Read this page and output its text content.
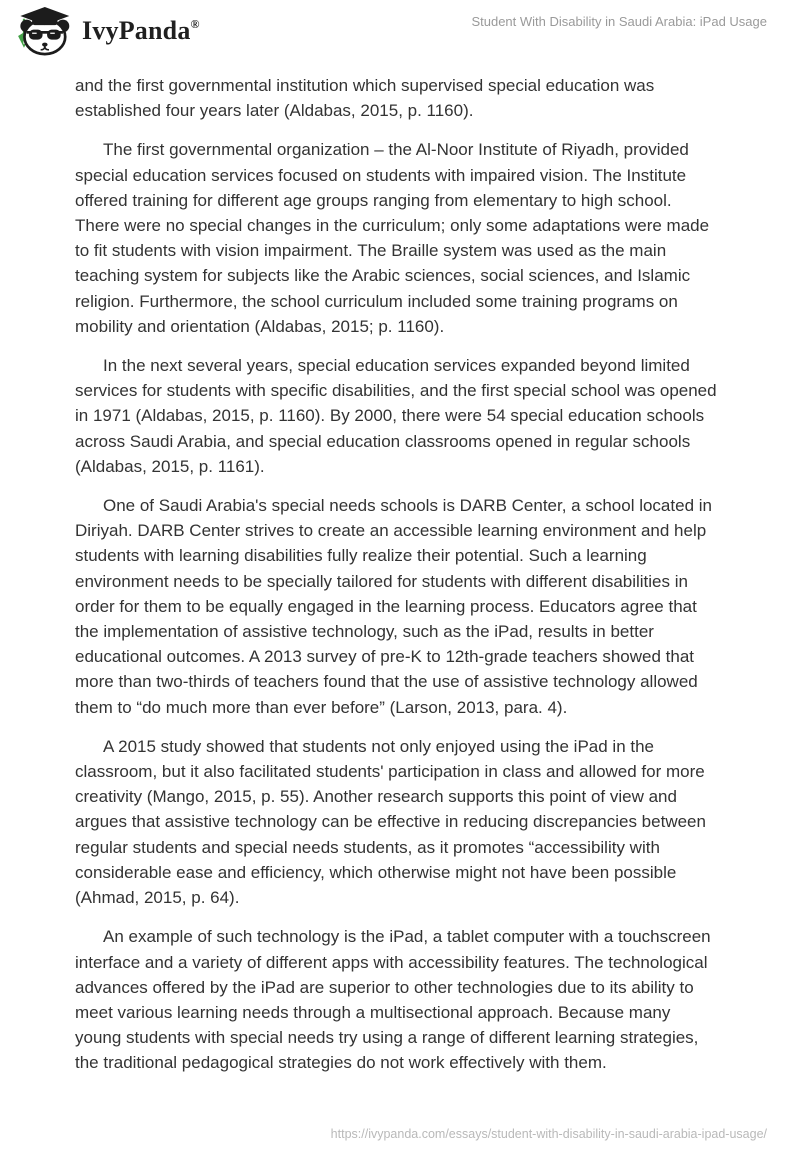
IvyPanda®	Student With Disability in Saudi Arabia: iPad Usage

and the first governmental institution which supervised special education was established four years later (Aldabas, 2015, p. 1160).

The first governmental organization – the Al-Noor Institute of Riyadh, provided special education services focused on students with impaired vision. The Institute offered training for different age groups ranging from elementary to high school. There were no special changes in the curriculum; only some adaptations were made to fit students with vision impairment. The Braille system was used as the main teaching system for subjects like the Arabic sciences, social sciences, and Islamic religion. Furthermore, the school curriculum included some training programs on mobility and orientation (Aldabas, 2015; p. 1160).

In the next several years, special education services expanded beyond limited services for students with specific disabilities, and the first special school was opened in 1971 (Aldabas, 2015, p. 1160). By 2000, there were 54 special education schools across Saudi Arabia, and special education classrooms opened in regular schools (Aldabas, 2015, p. 1161).

One of Saudi Arabia's special needs schools is DARB Center, a school located in Diriyah. DARB Center strives to create an accessible learning environment and help students with learning disabilities fully realize their potential. Such a learning environment needs to be specially tailored for students with different disabilities in order for them to be equally engaged in the learning process. Educators agree that the implementation of assistive technology, such as the iPad, results in better educational outcomes. A 2013 survey of pre-K to 12th-grade teachers showed that more than two-thirds of teachers found that the use of assistive technology allowed them to “do much more than ever before” (Larson, 2013, para. 4).

A 2015 study showed that students not only enjoyed using the iPad in the classroom, but it also facilitated students' participation in class and allowed for more creativity (Mango, 2015, p. 55). Another research supports this point of view and argues that assistive technology can be effective in reducing discrepancies between regular students and special needs students, as it promotes “accessibility with considerable ease and efficiency, which otherwise might not have been possible (Ahmad, 2015, p. 64).

An example of such technology is the iPad, a tablet computer with a touchscreen interface and a variety of different apps with accessibility features. The technological advances offered by the iPad are superior to other technologies due to its ability to meet various learning needs through a multisectional approach. Because many young students with special needs try using a range of different learning strategies, the traditional pedagogical strategies do not work effectively with them.

https://ivypanda.com/essays/student-with-disability-in-saudi-arabia-ipad-usage/
